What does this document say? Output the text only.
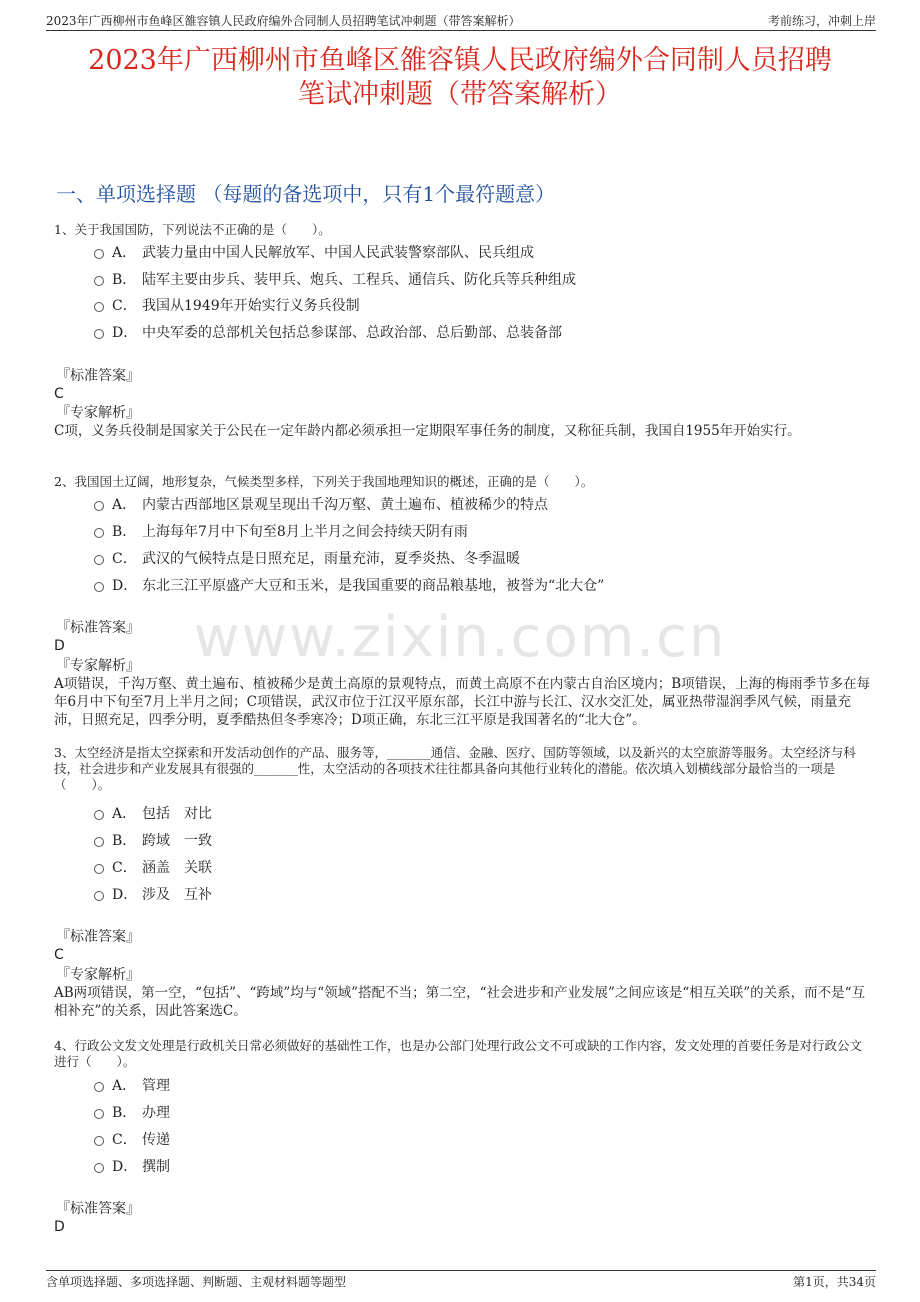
2023年广西柳州市鱼峰区雒容镇人民政府编外合同制人员招聘笔试冲刺题（带答案解析）	考前练习，冲刺上岸
2023年广西柳州市鱼峰区雒容镇人民政府编外合同制人员招聘
笔试冲刺题（带答案解析）
一、单项选择题 （每题的备选项中，只有1个最符题意）
www.zixin.com.cn
1、关于我国国防，下列说法不正确的是（　　）。
A． 武装力量由中国人民解放军、中国人民武装警察部队、民兵组成
B． 陆军主要由步兵、装甲兵、炮兵、工程兵、通信兵、防化兵等兵种组成
C． 我国从1949年开始实行义务兵役制
D． 中央军委的总部机关包括总参谋部、总政治部、总后勤部、总装备部
『标准答案』
C
『专家解析』
C项，义务兵役制是国家关于公民在一定年龄内都必须承担一定期限军事任务的制度，又称征兵制，我国自1955年开始实行。
2、我国国土辽阔，地形复杂，气候类型多样，下列关于我国地理知识的概述，正确的是（　　）。
A． 内蒙古西部地区景观呈现出千沟万壑、黄土遍布、植被稀少的特点
B． 上海每年7月中下旬至8月上半月之间会持续天阴有雨
C． 武汉的气候特点是日照充足，雨量充沛，夏季炎热、冬季温暖
D． 东北三江平原盛产大豆和玉米，是我国重要的商品粮基地，被誉为“北大仓”
『标准答案』
D
『专家解析』
A项错误，千沟万壑、黄土遍布、植被稀少是黄土高原的景观特点，而黄土高原不在内蒙古自治区境内；B项错误，上海的梅雨季节多在每年6月中下旬至7月上半月之间；C项错误，武汉市位于江汉平原东部，长江中游与长江、汉水交汇处，属亚热带湿润季风气候，雨量充沛，日照充足，四季分明，夏季酷热但冬季寒冷；D项正确，东北三江平原是我国著名的“北大仓”。
3、太空经济是指太空探索和开发活动创作的产品、服务等，_______通信、金融、医疗、国防等领域，以及新兴的太空旅游等服务。太空经济与科技，社会进步和产业发展具有很强的_______性，太空活动的各项技术往往都具备向其他行业转化的潜能。依次填入划横线部分最恰当的一项是（　　）。
A． 包括　对比
B． 跨域　一致
C． 涵盖　关联
D． 涉及　互补
『标准答案』
C
『专家解析』
AB两项错误，第一空，“包括”、“跨域”均与“领域”搭配不当；第二空，“社会进步和产业发展”之间应该是“相互关联”的关系，而不是“互相补充”的关系，因此答案选C。
4、行政公文发文处理是行政机关日常必须做好的基础性工作，也是办公部门处理行政公文不可或缺的工作内容，发文处理的首要任务是对行政公文进行（　　）。
A． 管理
B． 办理
C． 传递
D． 撰制
『标准答案』
D
含单项选择题、多项选择题、判断题、主观材料题等题型	第1页，共34页
